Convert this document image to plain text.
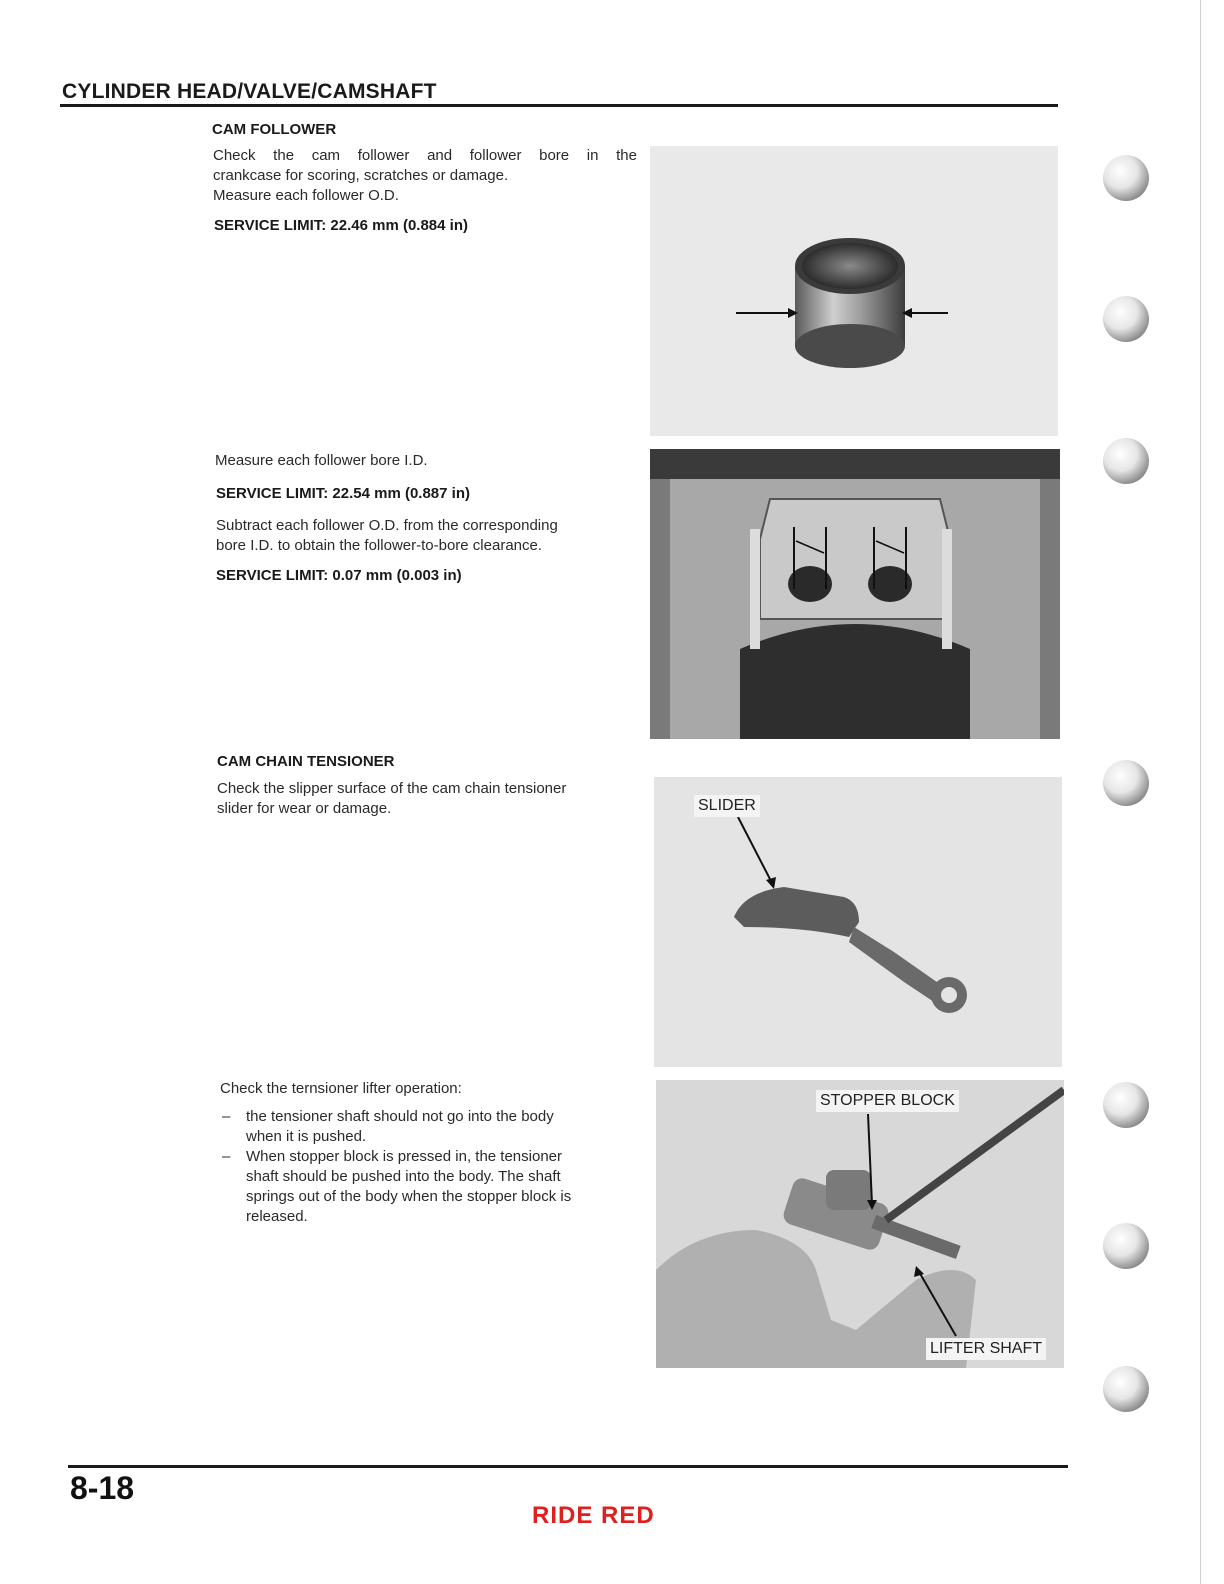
CYLINDER HEAD/VALVE/CAMSHAFT
CAM FOLLOWER
Check the cam follower and follower bore in the
crankcase for scoring, scratches or damage.
Measure each follower O.D.
SERVICE LIMIT: 22.46 mm (0.884 in)
Measure each follower bore I.D.
SERVICE LIMIT: 22.54 mm (0.887 in)
Subtract each follower O.D. from the corresponding
bore I.D. to obtain the follower-to-bore clearance.
SERVICE LIMIT: 0.07 mm (0.003 in)
CAM CHAIN TENSIONER
Check the slipper surface of the cam chain tensioner
slider for wear or damage.
Check the ternsioner lifter operation:
– the tensioner shaft should not go into the body
when it is pushed.
– When stopper block is pressed in, the tensioner
shaft should be pushed into the body. The shaft
springs out of the body when the stopper block is
released.
SLIDER
STOPPER BLOCK
LIFTER SHAFT
8-18
RIDE RED
